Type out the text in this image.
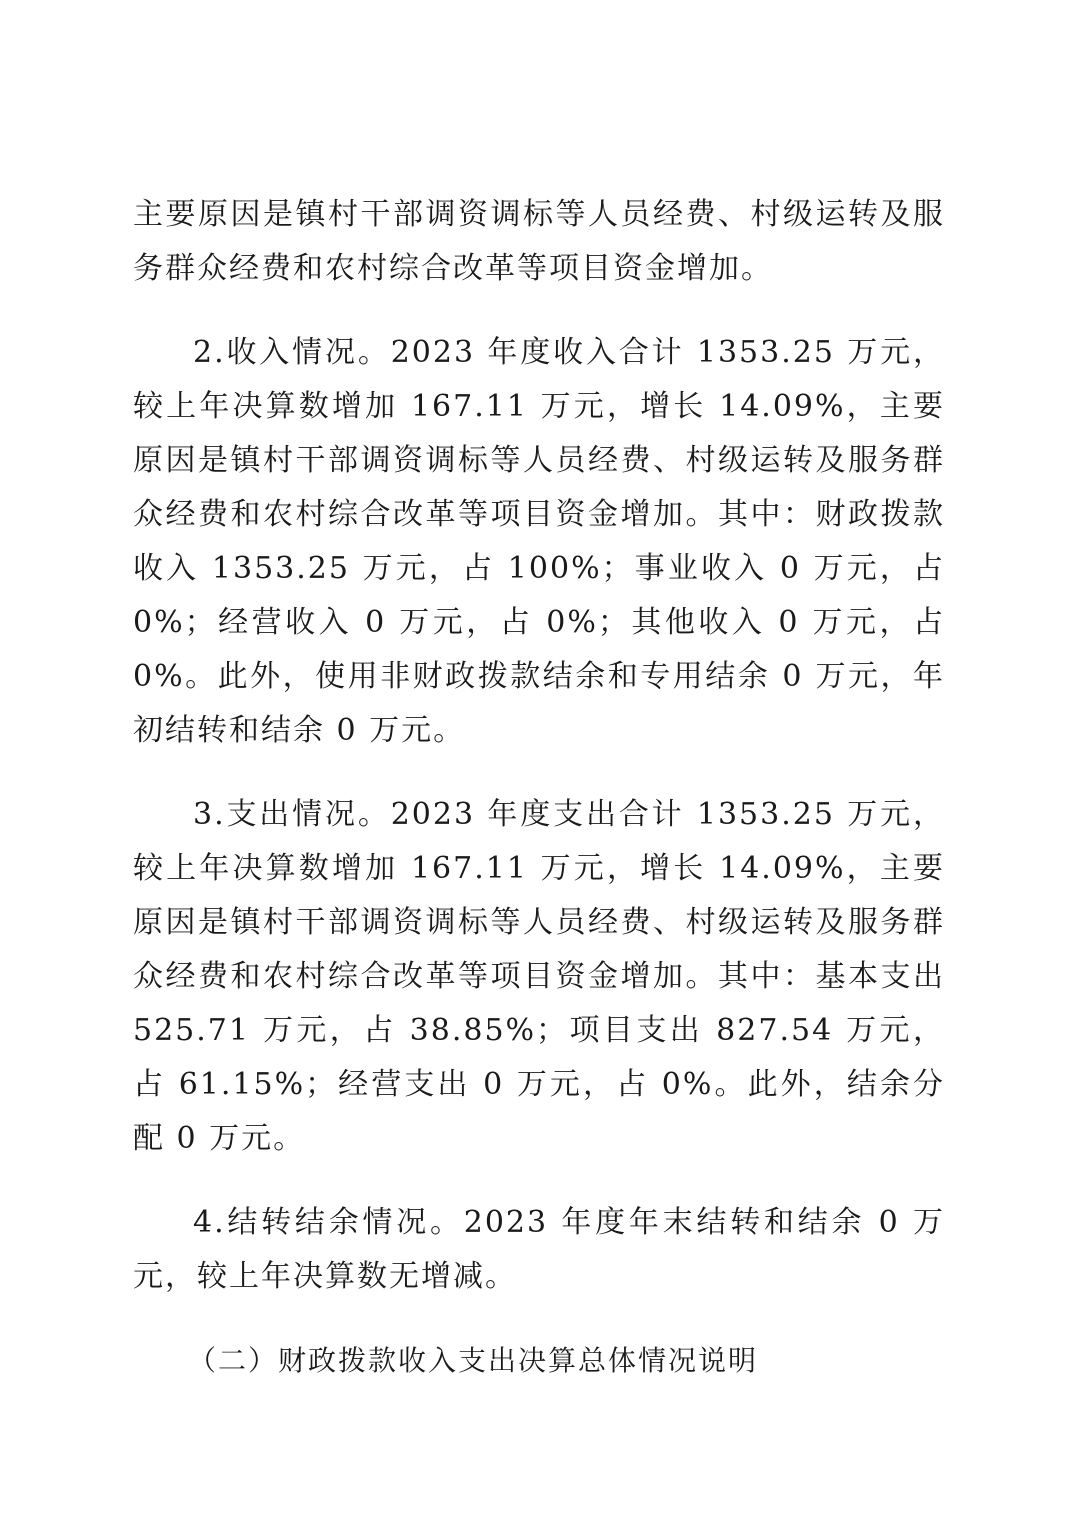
主要原因是镇村干部调资调标等人员经费、村级运转及服务群众经费和农村综合改革等项目资金增加。

2.收入情况。2023 年度收入合计 1353.25 万元，较上年决算数增加 167.11 万元，增长 14.09%，主要原因是镇村干部调资调标等人员经费、村级运转及服务群众经费和农村综合改革等项目资金增加。其中：财政拨款收入 1353.25 万元，占 100%；事业收入 0 万元，占 0%；经营收入 0 万元，占 0%；其他收入 0 万元，占 0%。此外，使用非财政拨款结余和专用结余 0 万元，年初结转和结余 0 万元。

3.支出情况。2023 年度支出合计 1353.25 万元，较上年决算数增加 167.11 万元，增长 14.09%，主要原因是镇村干部调资调标等人员经费、村级运转及服务群众经费和农村综合改革等项目资金增加。其中：基本支出 525.71 万元，占 38.85%；项目支出 827.54 万元，占 61.15%；经营支出 0 万元，占 0%。此外，结余分配 0 万元。

4.结转结余情况。2023 年度年末结转和结余 0 万元，较上年决算数无增减。

（二）财政拨款收入支出决算总体情况说明
